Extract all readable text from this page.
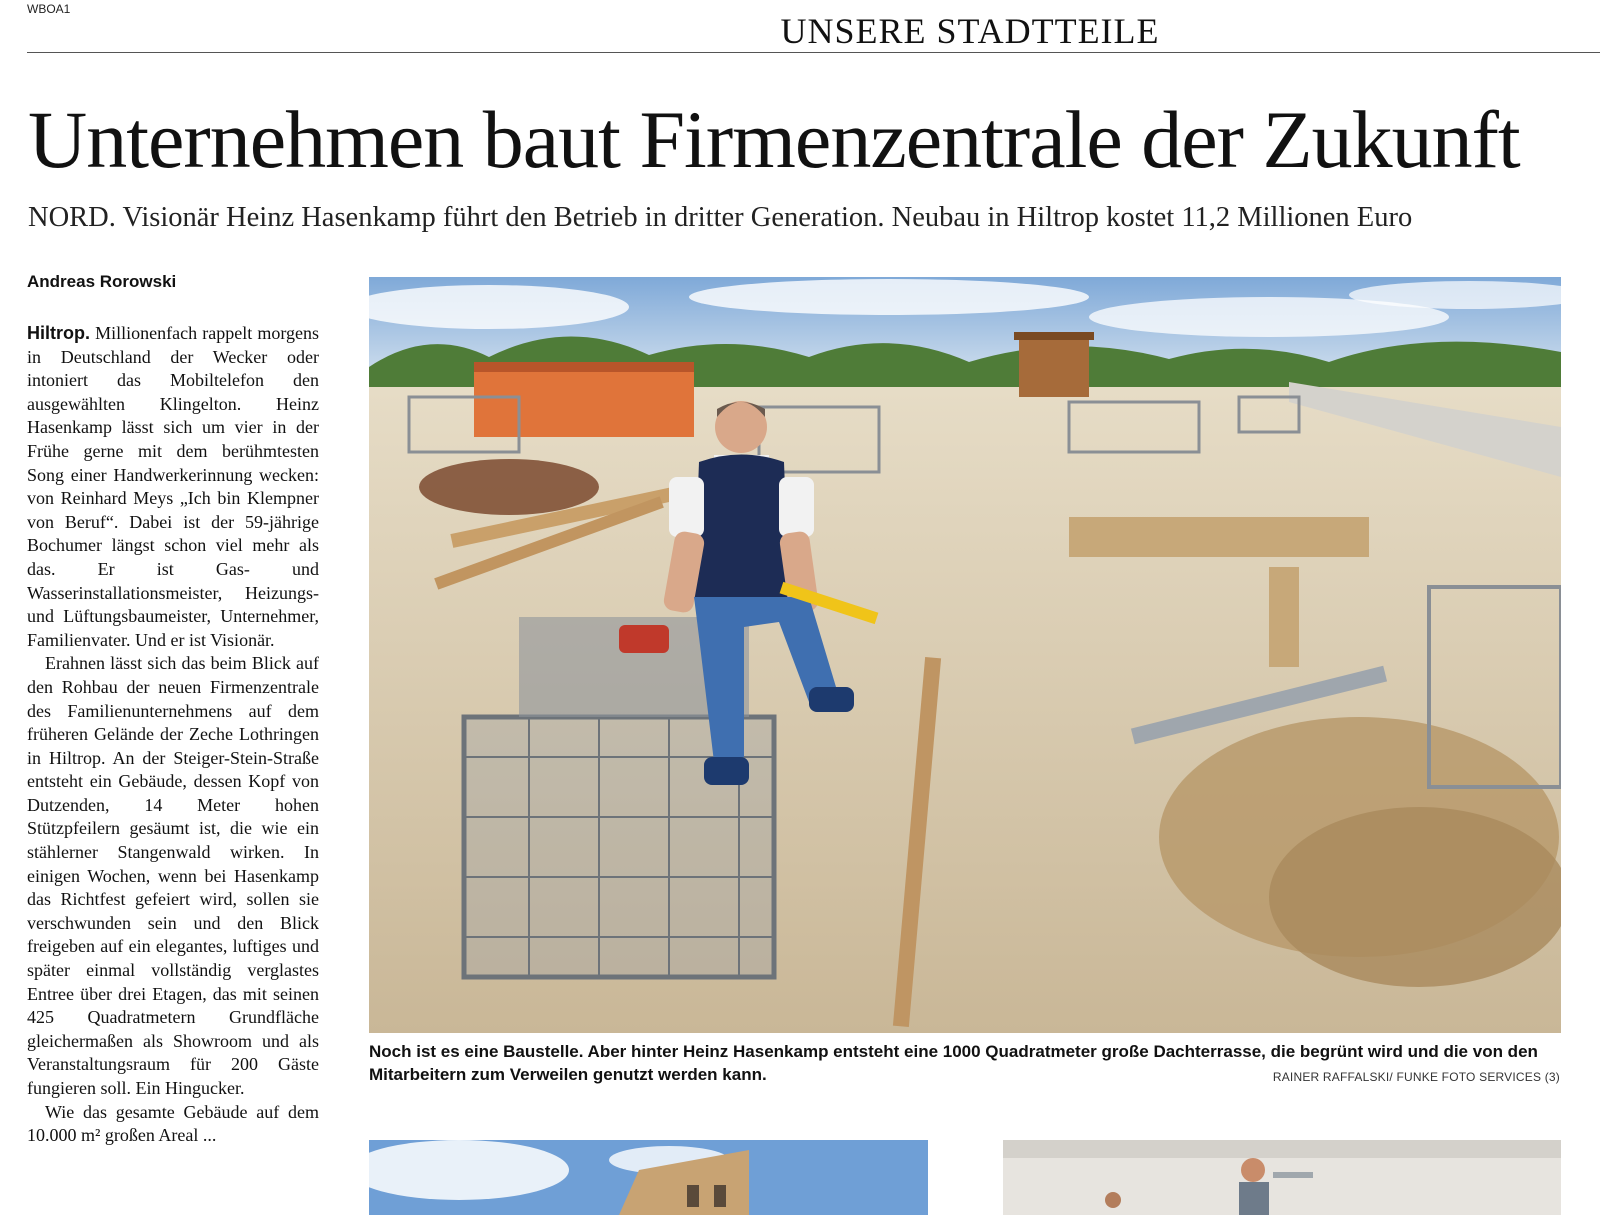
WBOA1
UNSERE STADTTEILE
Unternehmen baut Firmenzentrale der Zukunft
NORD. Visionär Heinz Hasenkamp führt den Betrieb in dritter Generation. Neubau in Hiltrop kostet 11,2 Millionen Euro
Andreas Rorowski

Hiltrop. Millionenfach rappelt morgens in Deutschland der Wecker oder intoniert das Mobiltelefon den ausgewählten Klingelton. Heinz Hasenkamp lässt sich um vier in der Frühe gerne mit dem berühmtesten Song einer Handwerkerinnung wecken: von Reinhard Meys „Ich bin Klempner von Beruf“. Dabei ist der 59-jährige Bochumer längst schon viel mehr als das. Er ist Gas- und Wasserinstallationsmeister, Heizungs- und Lüftungsbaumeister, Unternehmer, Familienvater. Und er ist Visionär.

Erahnen lässt sich das beim Blick auf den Rohbau der neuen Firmenzentrale des Familienunternehmens auf dem früheren Gelände der Zeche Lothringen in Hiltrop. An der Steiger-Stein-Straße entsteht ein Gebäude, dessen Kopf von Dutzenden, 14 Meter hohen Stützpfeilern gesäumt ist, die wie ein stählerner Stangenwald wirken. In einigen Wochen, wenn bei Hasenkamp das Richtfest gefeiert wird, sollen sie verschwunden sein und den Blick freigeben auf ein elegantes, luftiges und später einmal vollständig verglastes Entree über drei Etagen, das mit seinen 425 Quadratmetern Grundfläche gleichermaßen als Showroom und als Veranstaltungsraum für 200 Gäste fungieren soll. Ein Hingucker.

Wie das gesamte Gebäude auf dem 10.000 m² großen Areal ...

Noch ist es eine Baustelle. Aber hinter Heinz Hasenkamp entsteht eine 1000 Quadratmeter große Dachterrasse, die begrünt wird und die von den Mitarbeitern zum Verweilen genutzt werden kann.	RAINER RAFFALSKI/ FUNKE FOTO SERVICES (3)
